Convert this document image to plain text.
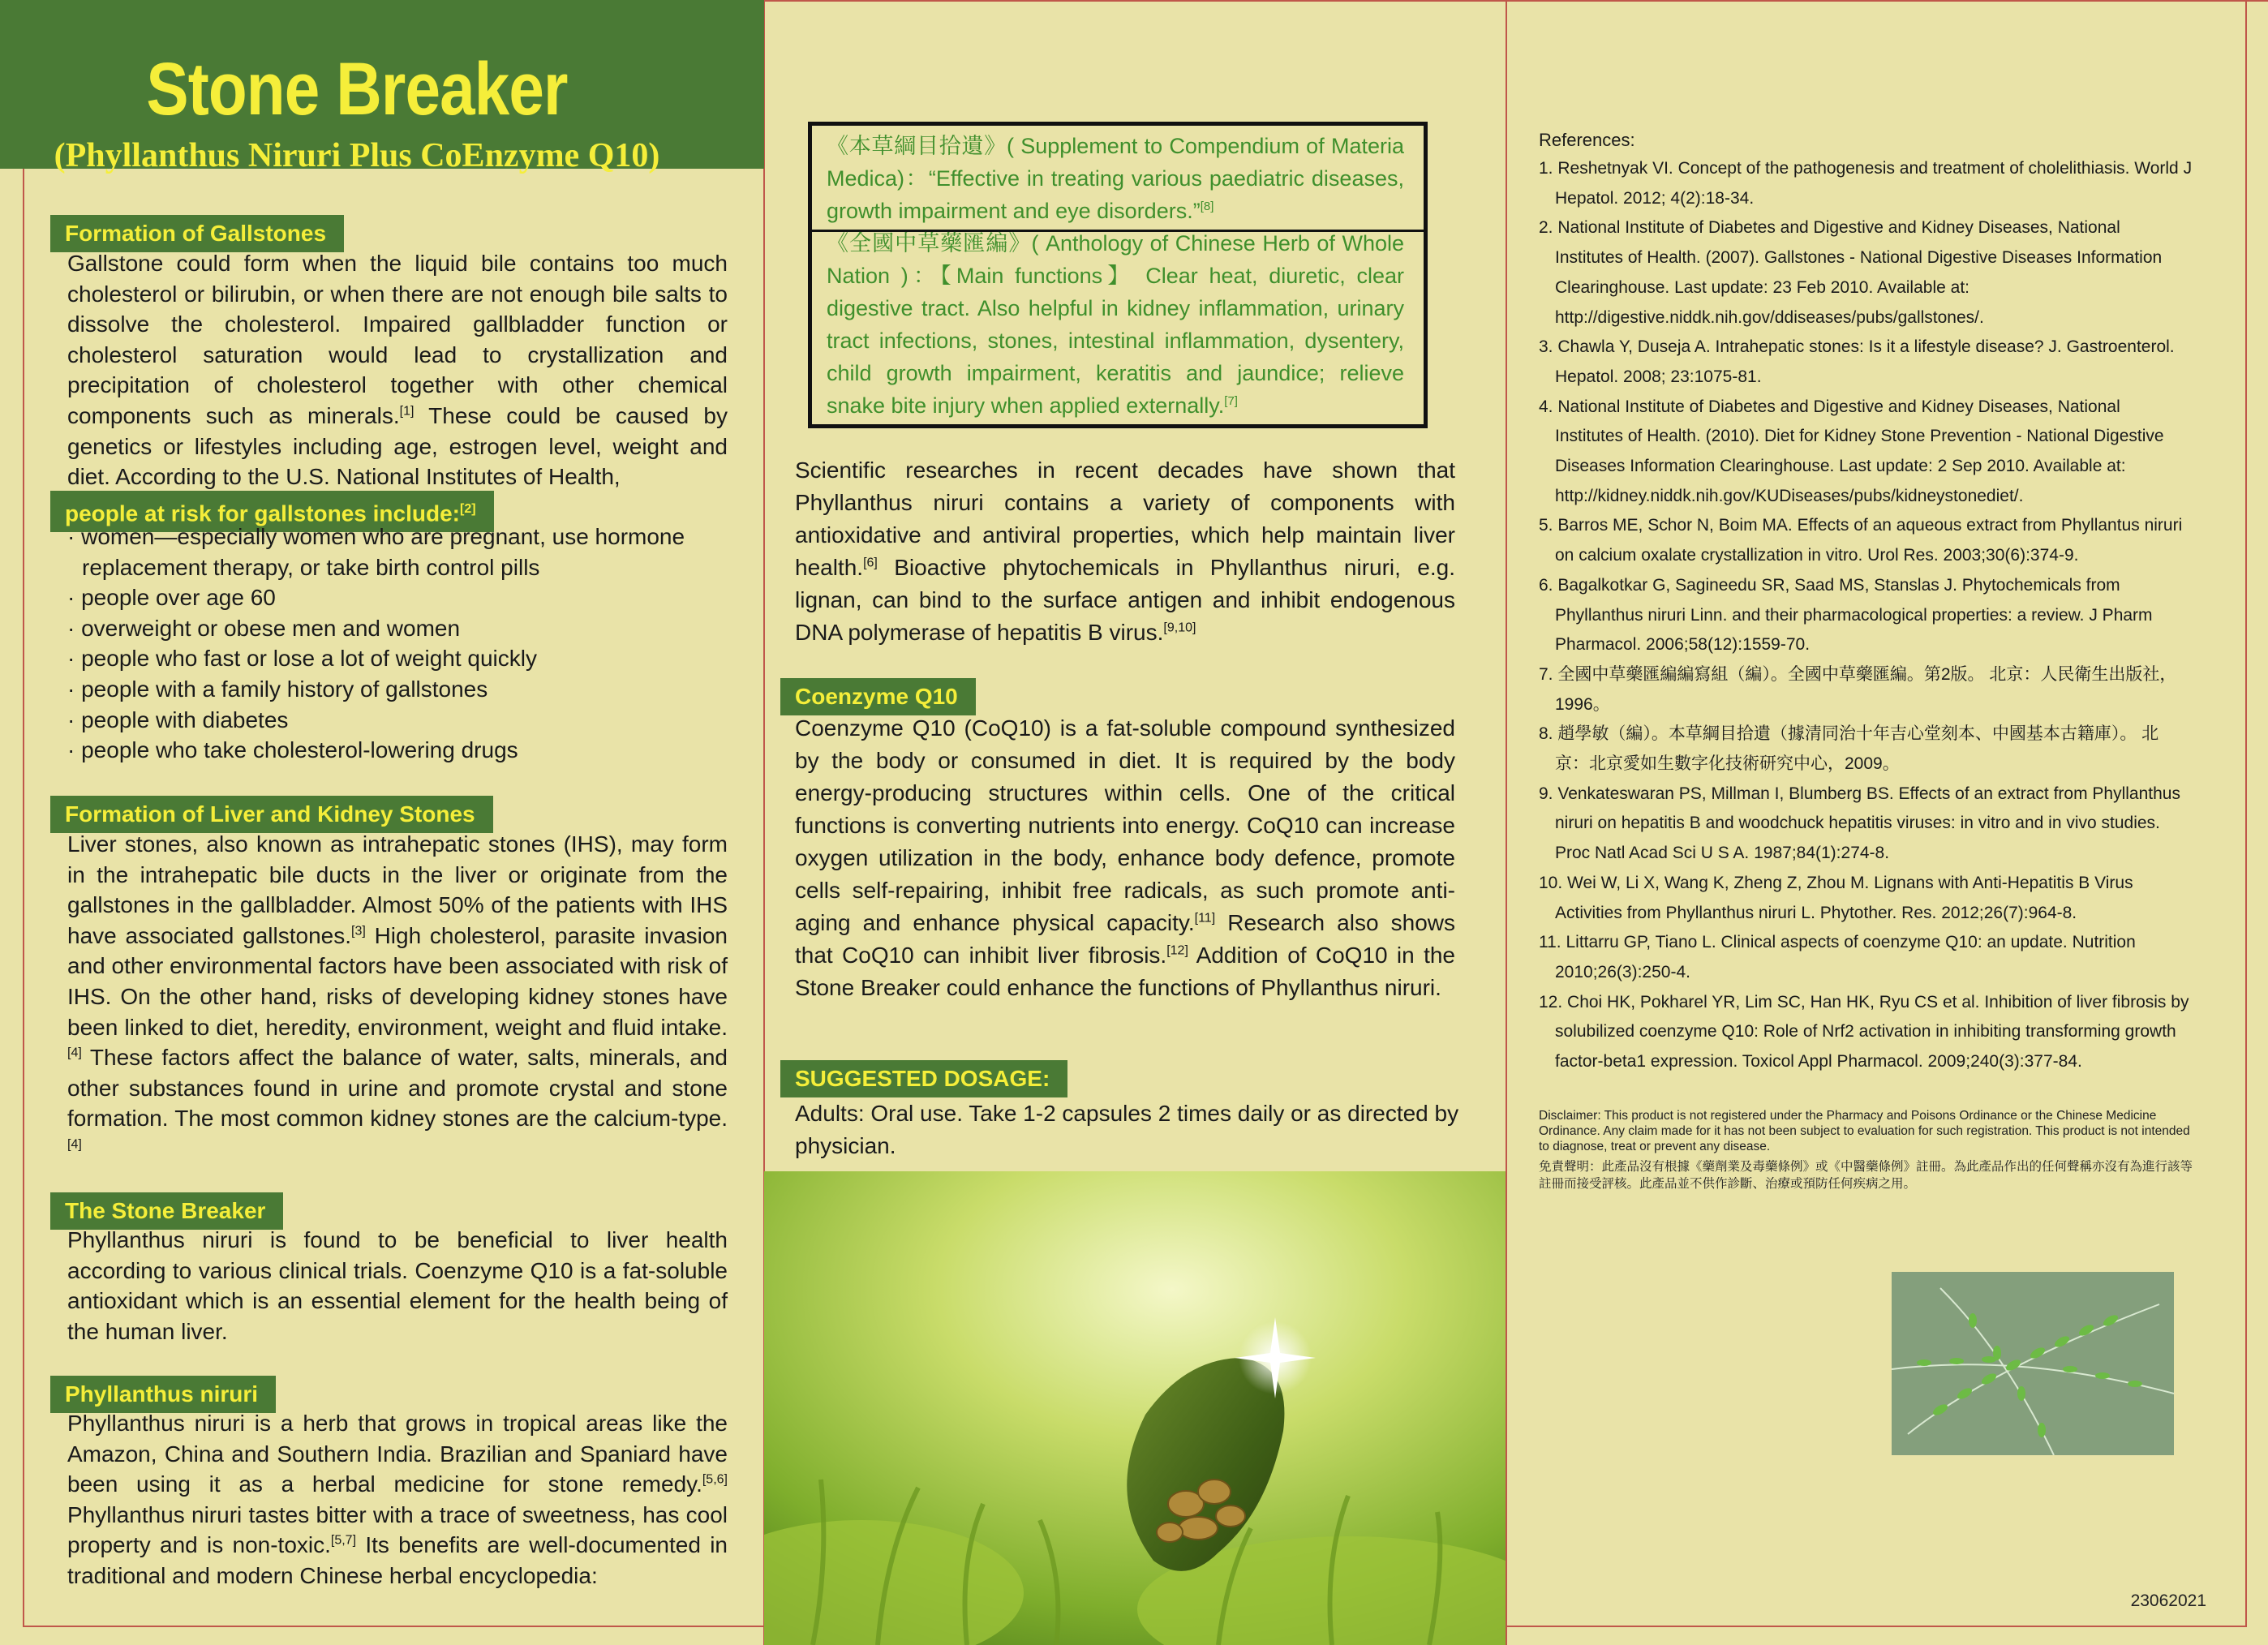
Stone Breaker
(Phyllanthus Niruri Plus CoEnzyme Q10)
Formation of Gallstones
Gallstone could form when the liquid bile contains too much cholesterol or bilirubin, or when there are not enough bile salts to dissolve the cholesterol. Impaired gallbladder function or cholesterol saturation would lead to crystallization and precipitation of cholesterol together with other chemical components such as minerals.[1] These could be caused by genetics or lifestyles including age, estrogen level, weight and diet. According to the U.S. National Institutes of Health,
people at risk for gallstones include:[2]
· women—especially women who are pregnant, use hormone replacement therapy, or take birth control pills
· people over age 60
· overweight or obese men and women
· people who fast or lose a lot of weight quickly
· people with a family history of gallstones
· people with diabetes
· people who take cholesterol-lowering drugs
Formation of Liver and Kidney Stones
Liver stones, also known as intrahepatic stones (IHS), may form in the intrahepatic bile ducts in the liver or originate from the gallstones in the gallbladder. Almost 50% of the patients with IHS have associated gallstones.[3] High cholesterol, parasite invasion and other environmental factors have been associated with risk of IHS. On the other hand, risks of developing kidney stones have been linked to diet, heredity, environment, weight and fluid intake.[4] These factors affect the balance of water, salts, minerals, and other substances found in urine and promote crystal and stone formation. The most common kidney stones are the calcium-type.[4]
The Stone Breaker
Phyllanthus niruri is found to be beneficial to liver health according to various clinical trials. Coenzyme Q10 is a fat-soluble antioxidant which is an essential element for the health being of the human liver.
Phyllanthus niruri
Phyllanthus niruri is a herb that grows in tropical areas like the Amazon, China and Southern India. Brazilian and Spaniard have been using it as a herbal medicine for stone remedy.[5,6] Phyllanthus niruri tastes bitter with a trace of sweetness, has cool property and is non-toxic.[5,7] Its benefits are well-documented in traditional and modern Chinese herbal encyclopedia:
《本草綱目拾遺》( Supplement to Compendium of Materia Medica)：“Effective in treating various paediatric diseases, growth impairment and eye disorders.”[8]
《全國中草藥匯編》( Anthology of Chinese Herb of Whole Nation )：【Main functions】 Clear heat, diuretic, clear digestive tract. Also helpful in kidney inflammation, urinary tract infections, stones, intestinal inflammation, dysentery, child growth impairment, keratitis and jaundice; relieve snake bite injury when applied externally.[7]
Scientific researches in recent decades have shown that Phyllanthus niruri contains a variety of components with antioxidative and antiviral properties, which help maintain liver health.[6] Bioactive phytochemicals in Phyllanthus niruri, e.g. lignan, can bind to the surface antigen and inhibit endogenous DNA polymerase of hepatitis B virus.[9,10]
Coenzyme Q10
Coenzyme Q10 (CoQ10) is a fat-soluble compound synthesized by the body or consumed in diet. It is required by the body energy-producing structures within cells. One of the critical functions is converting nutrients into energy. CoQ10 can increase oxygen utilization in the body, enhance body defence, promote cells self-repairing, inhibit free radicals, as such promote anti-aging and enhance physical capacity.[11] Research also shows that CoQ10 can inhibit liver fibrosis.[12] Addition of CoQ10 in the Stone Breaker could enhance the functions of Phyllanthus niruri.
SUGGESTED DOSAGE:
Adults: Oral use. Take 1-2 capsules 2 times daily or as directed by physician.
References:
1. Reshetnyak VI. Concept of the pathogenesis and treatment of cholelithiasis. World J Hepatol. 2012; 4(2):18-34.
2. National Institute of Diabetes and Digestive and Kidney Diseases, National Institutes of Health. (2007). Gallstones - National Digestive Diseases Information Clearinghouse. Last update: 23 Feb 2010. Available at: http://digestive.niddk.nih.gov/ddiseases/pubs/gallstones/.
3. Chawla Y, Duseja A. Intrahepatic stones: Is it a lifestyle disease? J. Gastroenterol. Hepatol. 2008; 23:1075-81.
4. National Institute of Diabetes and Digestive and Kidney Diseases, National Institutes of Health. (2010). Diet for Kidney Stone Prevention - National Digestive Diseases Information Clearinghouse. Last update: 2 Sep 2010. Available at: http://kidney.niddk.nih.gov/KUDiseases/pubs/kidneystonediet/.
5. Barros ME, Schor N, Boim MA. Effects of an aqueous extract from Phyllantus niruri on calcium oxalate crystallization in vitro. Urol Res. 2003;30(6):374-9.
6. Bagalkotkar G, Sagineedu SR, Saad MS, Stanslas J. Phytochemicals from Phyllanthus niruri Linn. and their pharmacological properties: a review. J Pharm Pharmacol. 2006;58(12):1559-70.
7. 全國中草藥匯編編寫組（編）。全國中草藥匯編。第2版。 北京：人民衛生出版社，1996。
8. 趙學敏（編）。本草綱目拾遺（據清同治十年吉心堂刻本、中國基本古籍庫）。 北京：北京愛如生數字化技術研究中心，2009。
9. Venkateswaran PS, Millman I, Blumberg BS. Effects of an extract from Phyllanthus niruri on hepatitis B and woodchuck hepatitis viruses: in vitro and in vivo studies. Proc Natl Acad Sci U S A. 1987;84(1):274-8.
10. Wei W, Li X, Wang K, Zheng Z, Zhou M. Lignans with Anti-Hepatitis B Virus Activities from Phyllanthus niruri L. Phytother. Res. 2012;26(7):964-8.
11. Littarru GP, Tiano L. Clinical aspects of coenzyme Q10: an update. Nutrition 2010;26(3):250-4.
12. Choi HK, Pokharel YR, Lim SC, Han HK, Ryu CS et al. Inhibition of liver fibrosis by solubilized coenzyme Q10: Role of Nrf2 activation in inhibiting transforming growth factor-beta1 expression. Toxicol Appl Pharmacol. 2009;240(3):377-84.
Disclaimer: This product is not registered under the Pharmacy and Poisons Ordinance or the Chinese Medicine Ordinance. Any claim made for it has not been subject to evaluation for such registration. This product is not intended to diagnose, treat or prevent any disease.
免責聲明：此產品沒有根據《藥劑業及毒藥條例》或《中醫藥條例》註冊。為此產品作出的任何聲稱亦沒有為進行該等註冊而接受評核。此產品並不供作診斷、治療或預防任何疾病之用。
23062021
